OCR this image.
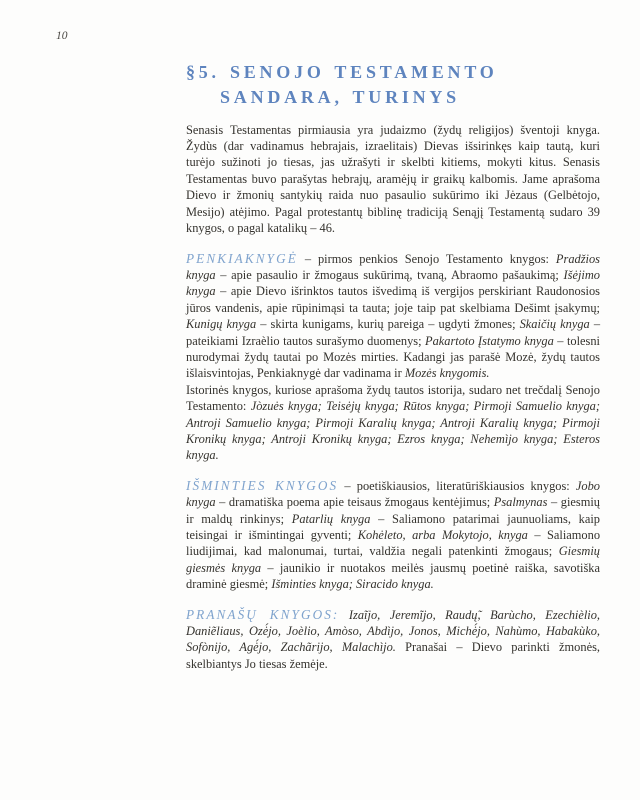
10
§5. SENOJO TESTAMENTO
SANDARA, TURINYS

Senasis Testamentas pirmiausia yra judaizmo (žydų religijos) šventoji knyga. Žydùs (dar vadinamus hebrajais, izraelitais) Dievas išsirinkęs kaip tautą, kuri turėjo sužinoti jo tiesas, jas užrašyti ir skelbti kitiems, mokyti kitus. Senasis Testamentas buvo parašytas hebrajų, aramėjų ir graikų kalbomis. Jame aprašoma Dievo ir žmonių santykių raida nuo pasaulio sukūrimo iki Jėzaus (Gelbėtojo, Mesijo) atėjimo. Pagal protestantų biblinę tradiciją Senąjį Testamentą sudaro 39 knygos, o pagal katalikų – 46.

PENKIAKNYGĖ – pirmos penkios Senojo Testamento knygos: Pradžios knyga – apie pasaulio ir žmogaus sukūrimą, tvaną, Abraomo pašaukimą; Išėjimo knyga – apie Dievo išrinktos tautos išvedimą iš vergijos perskiriant Raudonosios jūros vandenis, apie rūpinimąsi ta tauta; joje taip pat skelbiama Dešimt įsakymų; Kunigų knyga – skirta kunigams, kurių pareiga – ugdyti žmones; Skaičių knyga – pateikiami Izraèlio tautos surašymo duomenys; Pakartoto Įstatymo knyga – tolesni nurodymai žydų tautai po Mozės mirties. Kadangi jas parašė Mozė, žydų tautos išlaisvintojas, Penkiaknygė dar vadinama ir Mozės knygomis.

Istorinės knygos, kuriose aprašoma žydų tautos istorija, sudaro net trečdalį Senojo Testamento: Jòzuės knyga; Teisėjų knyga; Rūtos knyga; Pirmoji Samuelio knyga; Antroji Samuelio knyga; Pirmoji Karalių knyga; Antroji Karalių knyga; Pirmoji Kronikų knyga; Antroji Kronikų knyga; Ezros knyga; Nehemìjo knyga; Esteros knyga.

IŠMINTIES KNYGOS – poetiškiausios, literatūriškiausios knygos: Jobo knyga – dramatiška poema apie teisaus žmogaus kentėjimus; Psalmynas – giesmių ir maldų rinkinys; Patarlių knyga – Saliamono patarimai jaunuoliams, kaip teisingai ir išmintingai gyventi; Kohėleto, arba Mokytojo, knyga – Saliamono liudijimai, kad malonumai, turtai, valdžia negali patenkinti žmogaus; Giesmių giesmės knyga – jaunikio ir nuotakos meilės jausmų poetinė raiška, savotiška draminė giesmė; Išminties knyga; Siracido knyga.

PRANAŠŲ KNYGOS: Izaĩjo, Jeremĩjo, Raudų̃, Barùcho, Ezechièlio, Daniẽliaus, Ozė́jo, Joèlio, Amòso, Abdìjo, Jonos, Michė́jo, Nahùmo, Habakùko, Sofònijo, Agė́jo, Zachãrijo, Malachìjo. Pranašai – Dievo parinkti žmonės, skelbiantys Jo tiesas žemėje.
